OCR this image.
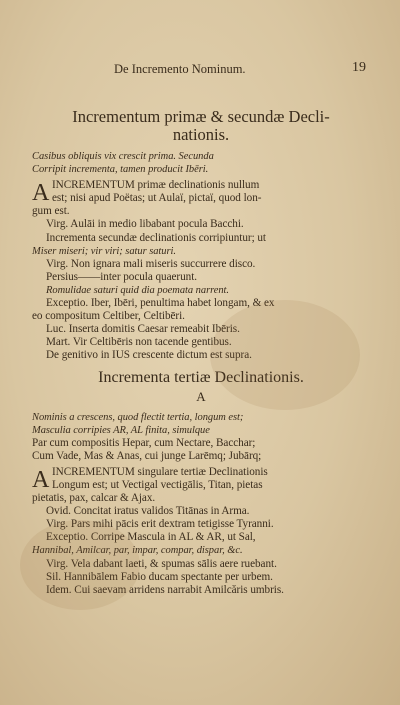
De Incremento Nominum.	19
Incrementum primæ & secundæ Decli-
nationis.
Casibus obliquis vix crescit prima. Secunda
Corripit incrementa, tamen producit Ibēri.
A INCREMENTUM primæ declinationis nullum
est; nisi apud Poëtas; ut Aulaï, pictaï, quod lon-
gum est.
Virg. Aulāi in medio libabant pocula Bacchi.
Incrementa secundæ declinationis corripiuntur; ut
Miser miseri; vir viri; satur saturi.
Virg. Non ignara mali miseris succurrere disco.
Persius——inter pocula quaerunt.
Romulidae saturi quid dia poemata narrent.
Exceptio. Iber, Ibēri, penultima habet longam, & ex
eo compositum Celtiber, Celtibēri.
Luc. Inserta domitis Caesar remeabit Ibēris.
Mart. Vir Celtibēris non tacende gentibus.
De genitivo in IUS crescente dictum est supra.
Incrementa tertiæ Declinationis.
A
Nominis a crescens, quod flectit tertia, longum est;
Masculia corripies AR, AL finita, simulque
Par cum compositis Hepar, cum Nectare, Bacchar;
Cum Vade, Mas & Anas, cui junge Larēmq; Jubārq;
A INCREMENTUM singulare tertiæ Declinationis
Longum est; ut Vectigal vectigālis, Titan, pietas
pietatis, pax, calcar & Ajax.
Ovid. Concitat iratus validos Titānas in Arma.
Virg. Pars mihi pācis erit dextram tetigisse Tyranni.
Exceptio. Corripe Mascula in AL & AR, ut Sal,
Hannibal, Amilcar, par, impar, compar, dispar, &c.
Virg. Vela dabant laeti, & spumas sālis aere ruebant.
Sil. Hannibālem Fabio ducam spectante per urbem.
Idem. Cui saevam arridens narrabit Amilcăris umbris.
